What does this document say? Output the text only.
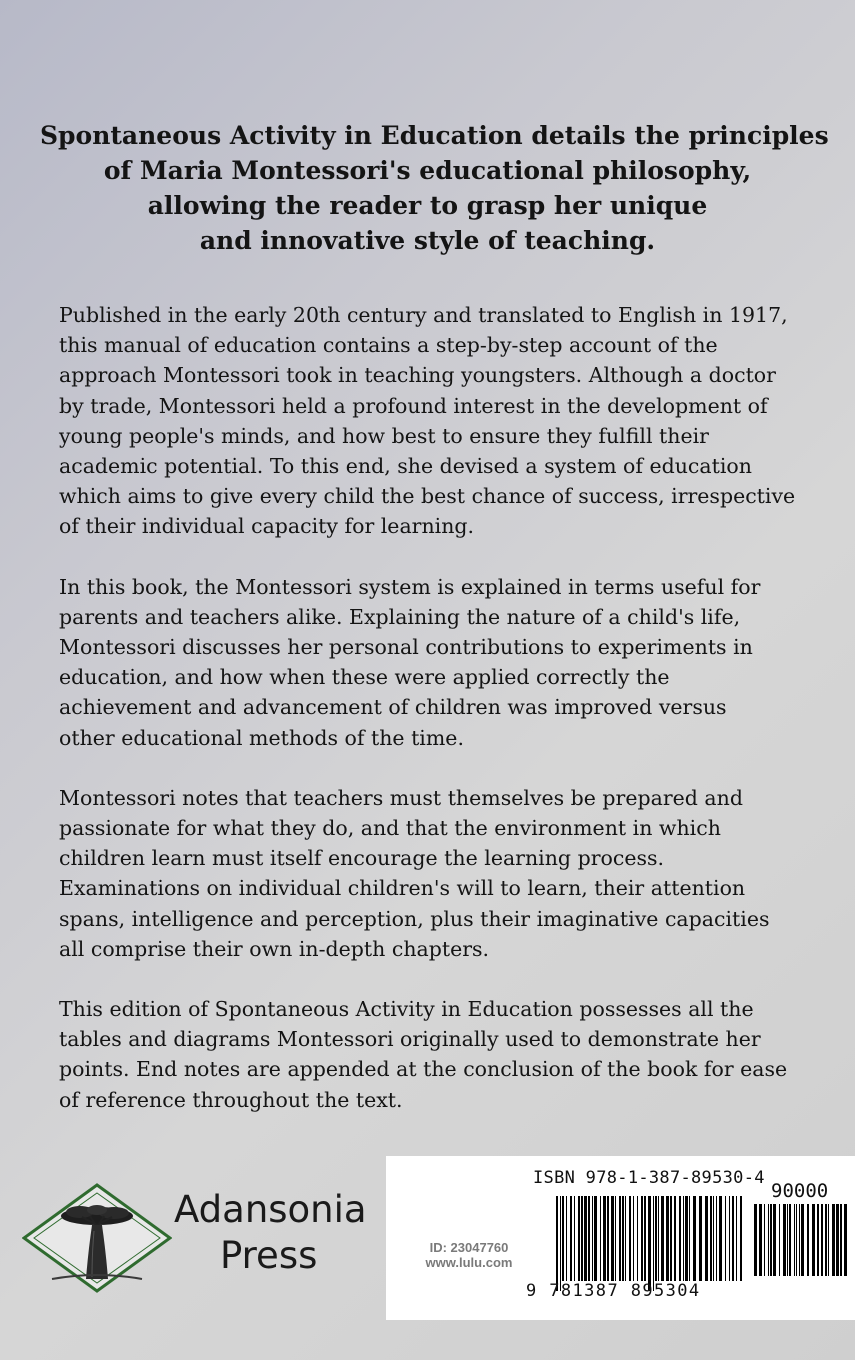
Spontaneous Activity in Education details the principles
of Maria Montessori's educational philosophy,
allowing the reader to grasp her unique
and innovative style of teaching.
Published in the early 20th century and translated to English in 1917,
this manual of education contains a step-by-step account of the
approach Montessori took in teaching youngsters. Although a doctor
by trade, Montessori held a profound interest in the development of
young people's minds, and how best to ensure they fulfill their
academic potential. To this end, she devised a system of education
which aims to give every child the best chance of success, irrespective
of their individual capacity for learning.
In this book, the Montessori system is explained in terms useful for
parents and teachers alike. Explaining the nature of a child's life,
Montessori discusses her personal contributions to experiments in
education, and how when these were applied correctly the
achievement and advancement of children was improved versus
other educational methods of the time.
Montessori notes that teachers must themselves be prepared and
passionate for what they do, and that the environment in which
children learn must itself encourage the learning process.
Examinations on individual children's will to learn, their attention
spans, intelligence and perception, plus their imaginative capacities
all comprise their own in-depth chapters.
This edition of Spontaneous Activity in Education possesses all the
tables and diagrams Montessori originally used to demonstrate her
points. End notes are appended at the conclusion of the book for ease
of reference throughout the text.
Adansonia
Press
ISBN 978-1-387-89530-4
90000
ID: 23047760
www.lulu.com
9 781387 895304
